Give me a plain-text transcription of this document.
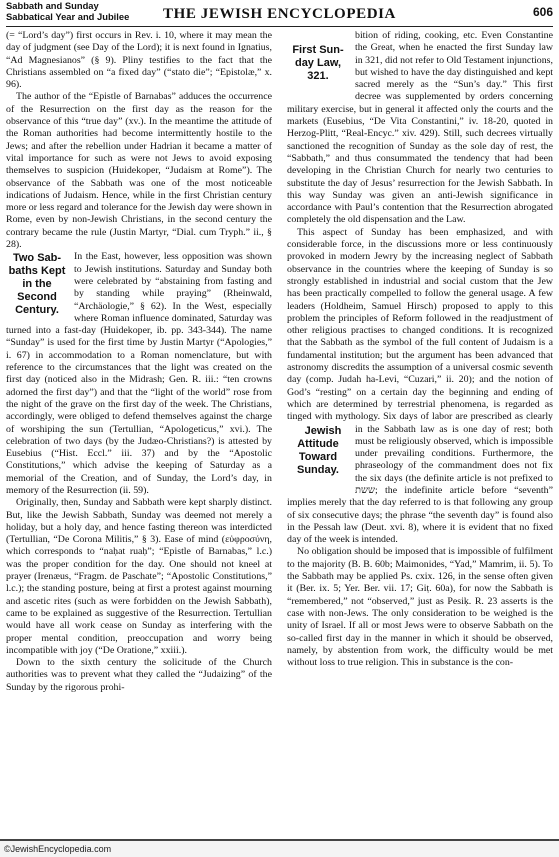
Sabbath and Sunday
Sabbatical Year and Jubilee	THE JEWISH ENCYCLOPEDIA	606

(= “Lord’s day”) first occurs in Rev. i. 10, where it may mean the day of judgment (see Day of the Lord); it is next found in Ignatius, “Ad Magnesianos” (§ 9). Pliny testifies to the fact that the Christians assembled on “a fixed day” (“stato die”; “Epistolæ,” x. 96).

The author of the “Epistle of Barnabas” adduces the occurrence of the Resurrection on the first day as the reason for the observance of this “true day” (xv.). In the meantime the attitude of the Roman authorities had become intermittently hostile to the Jews; and after the rebellion under Hadrian it became a matter of vital importance for such as were not Jews to avoid exposing themselves to suspicion (Huidekoper, “Judaism at Rome”). The observance of the Sabbath was one of the most noticeable indications of Judaism. Hence, while in the first Christian century more or less regard and tolerance for the Jewish day were shown in Rome, even by non-Jewish Christians, in the second century the contrary became the rule (Justin Martyr, “Dial. cum Tryph.” ii., § 28).

Two Sab-
baths Kept
in the
Second
Century.

In the East, however, less opposition was shown to Jewish institutions. Saturday and Sunday both were celebrated by “abstaining from fasting and by standing while praying” (Rheinwald, “Archäologie,” § 62). In the West, especially where Roman influence dominated, Saturday was turned into a fast-day (Huidekoper, ib. pp. 343-344). The name “Sunday” is used for the first time by Justin Martyr (“Apologies,” i. 67) in accommodation to a Roman nomenclature, but with reference to the circumstances that the light was created on the first day (noticed also in the Midrash; Gen. R. iii.: “ten crowns adorned the first day”) and that the “light of the world” rose from the night of the grave on the first day of the week. The Christians, accordingly, were obliged to defend themselves against the charge of worshiping the sun (Tertullian, “Apologeticus,” xvi.). The celebration of two days (by the Judæo-Christians?) is attested by Eusebius (“Hist. Eccl.” iii. 37) and by the “Apostolic Constitutions,” which advise the keeping of Saturday as a memorial of the Creation, and of Sunday, the Lord’s day, in memory of the Resurrection (ii. 59).

Originally, then, Sunday and Sabbath were kept sharply distinct. But, like the Jewish Sabbath, Sunday was deemed not merely a holiday, but a holy day, and hence fasting thereon was interdicted (Tertullian, “De Corona Militis,” § 3). Ease of mind (εὐφροσύνη, which corresponds to “naḥat ruaḥ”; “Epistle of Barnabas,” l.c.) was the proper condition for the day. One should not kneel at prayer (Irenæus, “Fragm. de Paschate”; “Apostolic Constitutions,” l.c.); the standing posture, being at first a protest against mourning and ascetic rites (such as were forbidden on the Jewish Sabbath), came to be explained as suggestive of the Resurrection. Tertullian would have all work cease on Sunday as interfering with the proper mental condition, preoccupation and worry being incompatible with joy (“De Oratione,” xxiii.).

Down to the sixth century the solicitude of the Church authorities was to prevent what they called the “Judaizing” of the Sunday by the rigorous prohi-

First Sun-
day Law,
321.

bition of riding, cooking, etc. Even Constantine the Great, when he enacted the first Sunday law in 321, did not refer to Old Testament injunctions, but wished to have the day distinguished and kept sacred merely as the “Sun’s day.” This first decree was supplemented by orders concerning military exercise, but in general it affected only the courts and the markets (Eusebius, “De Vita Constantini,” iv. 18-20, quoted in Herzog-Plitt, “Real-Encyc.” xiv. 429). Still, such decrees virtually sanctioned the recognition of Sunday as the sole day of rest, the “Sabbath,” and thus consummated the tendency that had been developing in the Christian Church for nearly two centuries to substitute the day of Jesus’ resurrection for the Jewish Sabbath. In this way Sunday was given an anti-Jewish significance in accordance with Paul’s contention that the Resurrection abrogated completely the old dispensation and the Law.

This aspect of Sunday has been emphasized, and with considerable force, in the discussions more or less continuously provoked in modern Jewry by the increasing neglect of Sabbath observance in the countries where the keeping of Sunday is so strongly established in industrial and social custom that the Jew has been practically compelled to follow the general usage. A few leaders (Holdheim, Samuel Hirsch) proposed to apply to this problem the principles of Reform followed in the readjustment of other religious practises to changed conditions. It is recognized that the Sabbath as the symbol of the full content of Judaism is a fundamental institution; but the argument has been advanced that astronomy discredits the assumption of a universal cosmic seventh day (comp. Judah ha-Levi, “Cuzari,” ii. 20); and the notion of God’s “resting” on a certain day the beginning and ending of which are determined by terrestrial phenomena, is regarded as tinged with mythology. Six days of labor are prescribed as clearly in the Sabbath law as is one day of rest;
Jewish
Attitude
Toward
Sunday.
both must be religiously observed, which is impossible under prevailing conditions. Furthermore, the phraseology of the commandment does not fix the six days (the definite article is not prefixed to ששת; the indefinite article before “seventh” implies merely that the day referred to is that following any group of six consecutive days; the phrase “the seventh day” is found also in the Pessah law (Deut. xvi. 8), where it is evident that no fixed day of the week is intended.

No obligation should be imposed that is impossible of fulfilment to the majority (B. B. 60b; Maimonides, “Yad,” Mamrim, ii. 5). To the Sabbath may be applied Ps. cxix. 126, in the sense often given it (Ber. ix. 5; Yer. Ber. vii. 17; Giṭ. 60a), for now the Sabbath is “remembered,” not “observed,” just as Pesiḳ. R. 23 asserts is the case with non-Jews. The only consideration to be weighed is the unity of Israel. If all or most Jews were to observe Sabbath on the so-called first day in the manner in which it should be observed, namely, by abstention from work, the difficulty would be met without loss to true religion. This in substance is the con-

©JewishEncyclopedia.com
